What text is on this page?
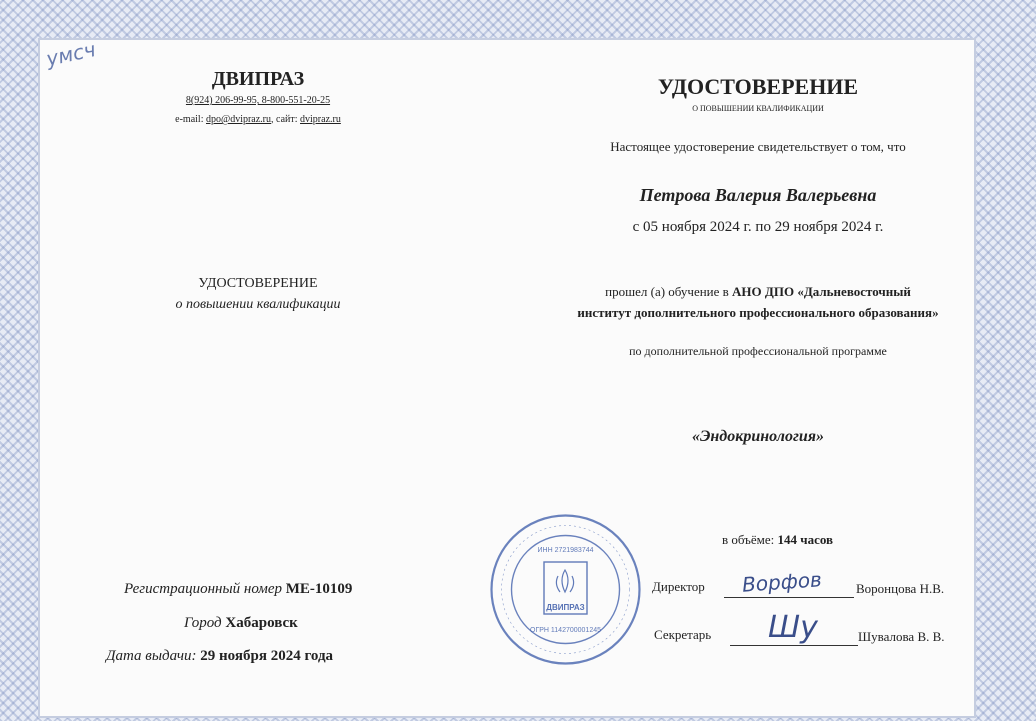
умсч
ДВИПРАЗ
8(924) 206-99-95, 8-800-551-20-25
e-mail: dpo@dvipraz.ru, сайт: dvipraz.ru
УДОСТОВЕРЕНИЕ
о повышении квалификации
Регистрационный номер ME-10109
Город Хабаровск
Дата выдачи: 29 ноября 2024 года
УДОСТОВЕРЕНИЕ
О ПОВЫШЕНИИ КВАЛИФИКАЦИИ
Настоящее удостоверение свидетельствует о том, что
Петрова Валерия Валерьевна
с 05 ноября 2024 г. по 29 ноября 2024 г.
прошел (а) обучение в АНО ДПО «Дальневосточный
институт дополнительного профессионального образования»
по дополнительной профессиональной программе
«Эндокринология»
в объёме: 144 часов
Директор Ворфов	Воронцова Н.В.
Секретарь Шу	Шувалова В. В.
ИНН 2721983744
ДВИПРАЗ
ОГРН 1142700001245
